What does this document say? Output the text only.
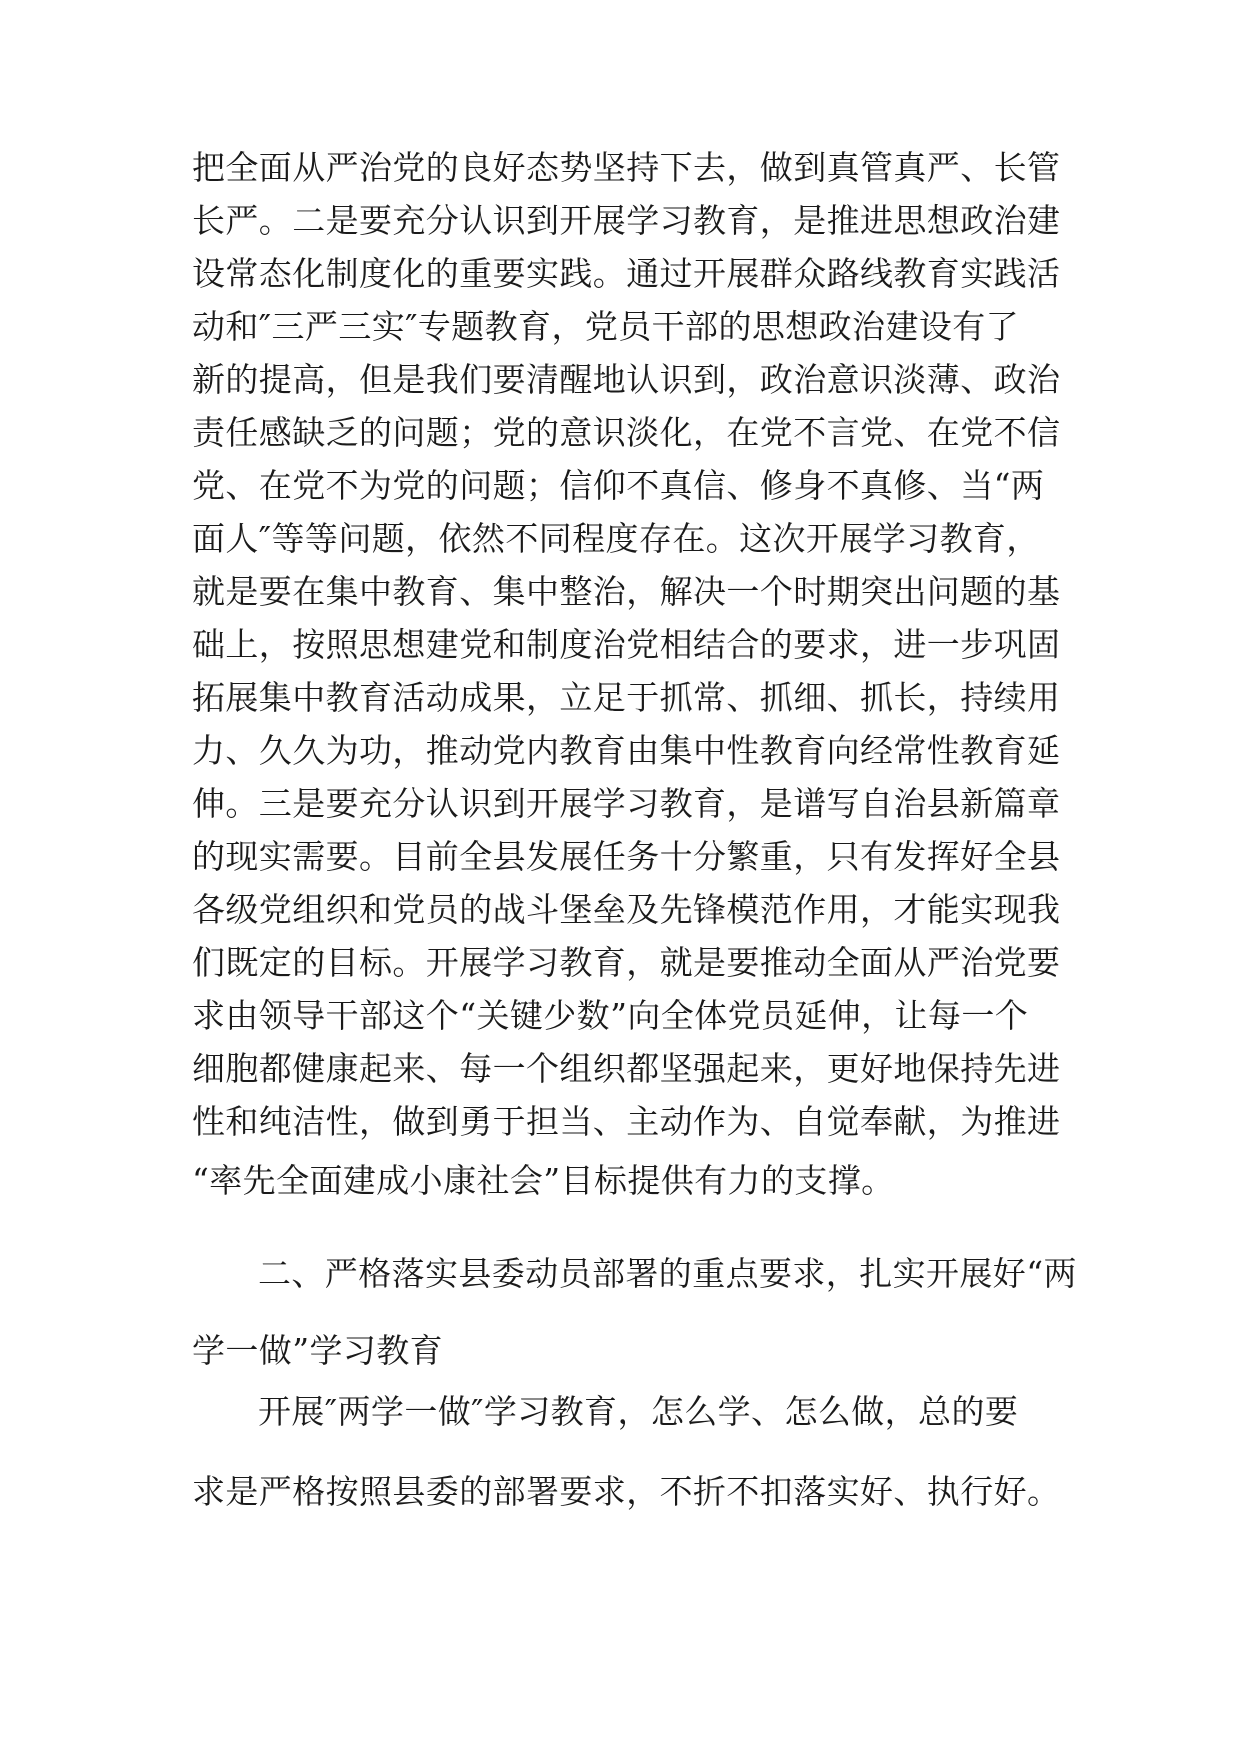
把全面从严治党的良好态势坚持下去，做到真管真严、长管
长严。二是要充分认识到开展学习教育，是推进思想政治建
设常态化制度化的重要实践。通过开展群众路线教育实践活
动和″三严三实″专题教育，党员干部的思想政治建设有了
新的提高，但是我们要清醒地认识到，政治意识淡薄、政治
责任感缺乏的问题；党的意识淡化，在党不言党、在党不信
党、在党不为党的问题；信仰不真信、修身不真修、当“两
面人″等等问题，依然不同程度存在。这次开展学习教育，
就是要在集中教育、集中整治，解决一个时期突出问题的基
础上，按照思想建党和制度治党相结合的要求，进一步巩固
拓展集中教育活动成果，立足于抓常、抓细、抓长，持续用
力、久久为功，推动党内教育由集中性教育向经常性教育延
伸。三是要充分认识到开展学习教育，是谱写自治县新篇章
的现实需要。目前全县发展任务十分繁重，只有发挥好全县
各级党组织和党员的战斗堡垒及先锋模范作用，才能实现我
们既定的目标。开展学习教育，就是要推动全面从严治党要
求由领导干部这个“关键少数”向全体党员延伸，让每一个
细胞都健康起来、每一个组织都坚强起来，更好地保持先进
性和纯洁性，做到勇于担当、主动作为、自觉奉献，为推进
“率先全面建成小康社会”目标提供有力的支撑。
二、严格落实县委动员部署的重点要求，扎实开展好“两
学一做”学习教育
开展″两学一做″学习教育，怎么学、怎么做，总的要
求是严格按照县委的部署要求，不折不扣落实好、执行好。
